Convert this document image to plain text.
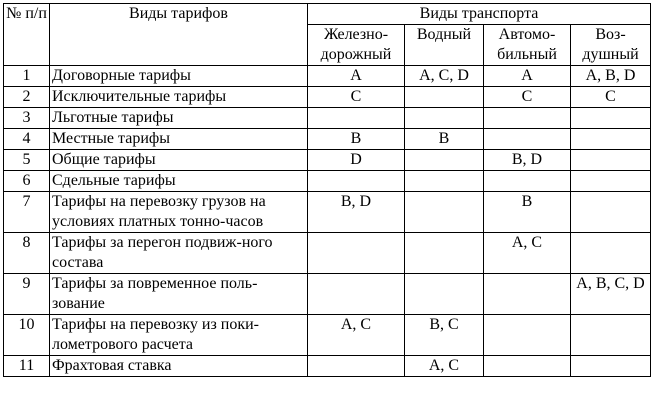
№ п/п	Виды тарифов	Виды транспорта			
		Железно-дорожный	Водный	Автомо-бильный	Воз-душный
1	Договорные тарифы	A	A, C, D	A	A, B, D
2	Исключительные тарифы	C		C	C
3	Льготные тарифы				
4	Местные тарифы	B	B		
5	Общие тарифы	D		B, D	
6	Сдельные тарифы				
7	Тарифы на перевозку грузов на условиях платных тонно-часов	B, D		B	
8	Тарифы за перегон подвиж-ного состава			A, C	
9	Тарифы за повременное поль-зование				A, B, C, D
10	Тарифы на перевозку из поки-лометрового расчета	A, C	B, C		
11	Фрахтовая ставка		A, C		
